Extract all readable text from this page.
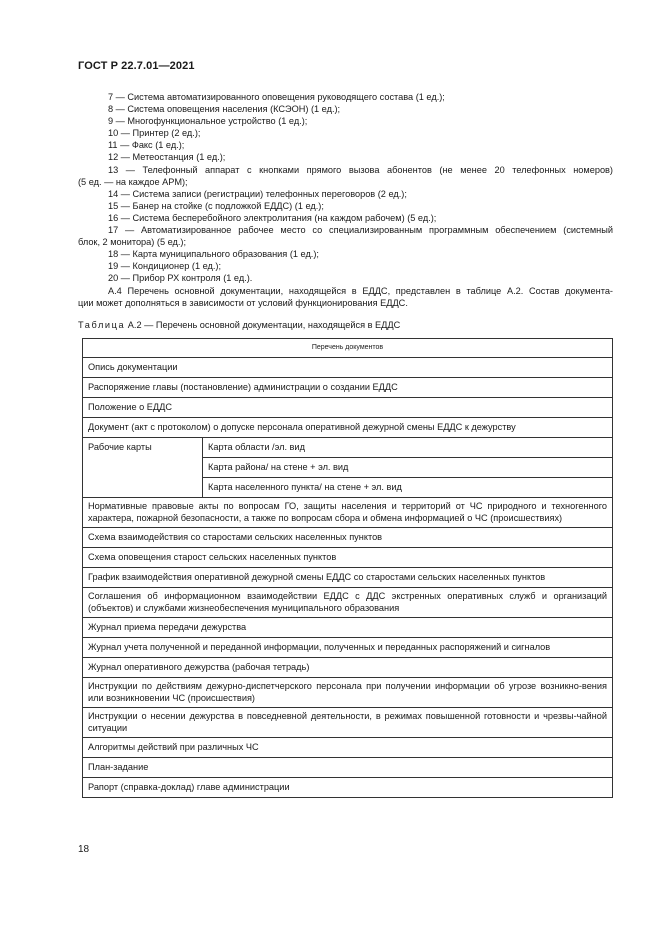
ГОСТ Р 22.7.01—2021
7 — Система автоматизированного оповещения руководящего состава (1 ед.);
8 — Система оповещения населения (КСЭОН) (1 ед.);
9 — Многофункциональное устройство (1 ед.);
10 — Принтер (2 ед.);
11 — Факс (1 ед.);
12 — Метеостанция (1 ед.);
13 — Телефонный аппарат с кнопками прямого вызова абонентов (не менее 20 телефонных номеров)
(5 ед. — на каждое АРМ);
14 — Система записи (регистрации) телефонных переговоров (2 ед.);
15 — Банер на стойке (с подложкой ЕДДС) (1 ед.);
16 — Система бесперебойного электролитания (на каждом рабочем) (5 ед.);
17 — Автоматизированное рабочее место со специализированным программным обеспечением (системный
блок, 2 монитора) (5 ед.);
18 — Карта муниципального образования (1 ед.);
19 — Кондиционер (1 ед.);
20 — Прибор РХ контроля (1 ед.).
А.4 Перечень основной документации, находящейся в ЕДДС, представлен в таблице А.2. Состав документа-
ции может дополняться в зависимости от условий функционирования ЕДДС.
Таблица А.2 — Перечень основной документации, находящейся в ЕДДС
Перечень документов
Опись документации
Распоряжение главы (постановление) администрации о создании ЕДДС
Положение о ЕДДС
Документ (акт с протоколом) о допуске персонала оперативной дежурной смены ЕДДС к дежурству
Рабочие карты	Карта области /эл. вид
Карта района/ на стене + эл. вид
Карта населенного пункта/ на стене + эл. вид

Нормативные правовые акты по вопросам ГО, защиты населения и территорий от ЧС природного и техногенного характера, пожарной безопасности, а также по вопросам сбора и обмена информацией о ЧС (происшествиях)

Схема взаимодействия со старостами сельских населенных пунктов
Схема оповещения старост сельских населенных пунктов
График взаимодействия оперативной дежурной смены ЕДДС со старостами сельских населенных пунктов

Соглашения об информационном взаимодействии ЕДДС с ДДС экстренных оперативных служб и организаций (объектов) и службами жизнеобеспечения муниципального образования

Журнал приема передачи дежурства
Журнал учета полученной и переданной информации, полученных и переданных распоряжений и сигналов
Журнал оперативного дежурства (рабочая тетрадь)

Инструкции по действиям дежурно-диспетчерского персонала при получении информации об угрозе возникно-вения или возникновении ЧС (происшествия)

Инструкции о несении дежурства в повседневной деятельности, в режимах повышенной готовности и чрезвы-чайной ситуации

Алгоритмы действий при различных ЧС
План-задание
Рапорт (справка-доклад) главе администрации
18
